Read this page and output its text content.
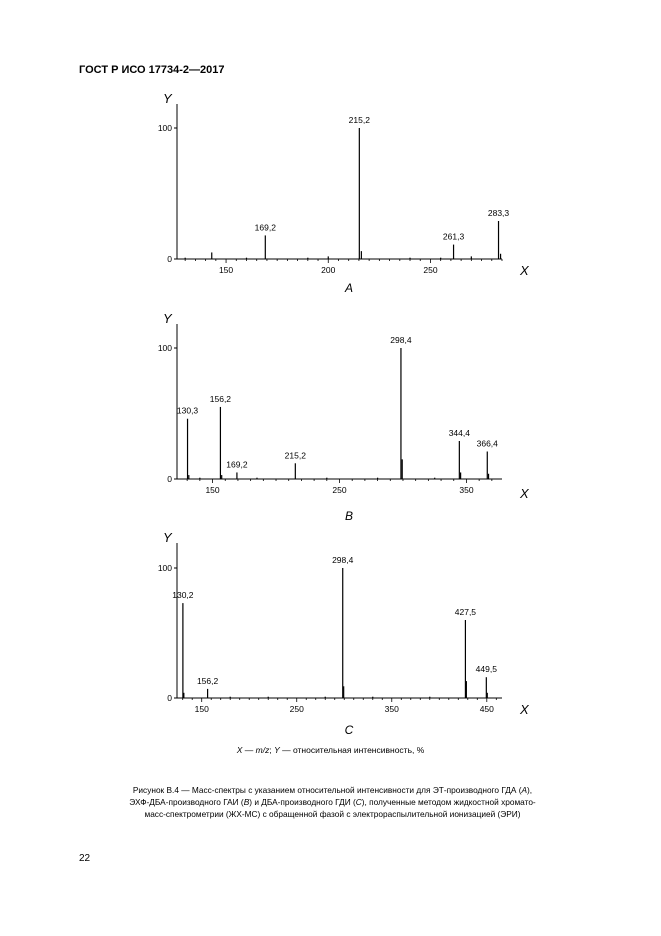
ГОСТ Р ИСО 17734-2—2017
Y
X
0
100
150	200	250
169,2
215,2
261,3
283,3
A
Y
X
0
100
150	250	350
130,3
156,2
169,2
215,2
298,4
344,4
366,4
B
Y
X
0
100
150	250	350	450
130,2
156,2
298,4
427,5
449,5
C
X — m/z; Y — относительная интенсивность, %
Рисунок В.4 — Масс-спектры с указанием относительной интенсивности для ЭТ-производного ГДА (А),
ЭХФ-ДБА-производного ГАИ (В) и ДБА-производного ГДИ (С), полученные методом жидкостной хромато-
масс-спектрометрии (ЖХ-МС) с обращенной фазой с электрораспылительной ионизацией (ЭРИ)
22
